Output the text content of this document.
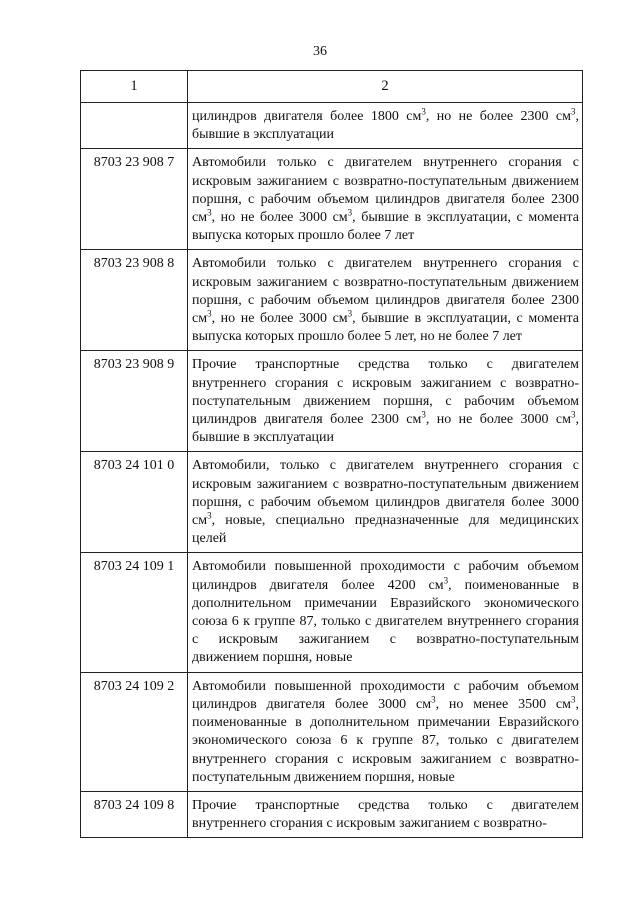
36
1	2
	цилиндров двигателя более 1800 $см^3$, но не более 2300 $см^3$, бывшие в эксплуатации
8703 23 908 7	Автомобили только с двигателем внутреннего сгорания с искровым зажиганием с возвратно-поступательным движением поршня, с рабочим объемом цилиндров двигателя более 2300 $см^3$, но не более 3000 $см^3$, бывшие в эксплуатации, с момента выпуска которых прошло более 7 лет
8703 23 908 8	Автомобили только с двигателем внутреннего сгорания с искровым зажиганием с возвратно-поступательным движением поршня, с рабочим объемом цилиндров двигателя более 2300 $см^3$, но не более 3000 $см^3$, бывшие в эксплуатации, с момента выпуска которых прошло более 5 лет, но не более 7 лет
8703 23 908 9	Прочие транспортные средства только с двигателем внутреннего сгорания с искровым зажиганием с возвратно-поступательным движением поршня, с рабочим объемом цилиндров двигателя более 2300 $см^3$, но не более 3000 $см^3$, бывшие в эксплуатации
8703 24 101 0	Автомобили, только с двигателем внутреннего сгорания с искровым зажиганием с возвратно-поступательным движением поршня, с рабочим объемом цилиндров двигателя более 3000 $см^3$, новые, специально предназначенные для медицинских целей
8703 24 109 1	Автомобили повышенной проходимости с рабочим объемом цилиндров двигателя более 4200 $см^3$, поименованные в дополнительном примечании Евразийского экономического союза 6 к группе 87, только с двигателем внутреннего сгорания с искровым зажиганием с возвратно-поступательным движением поршня, новые
8703 24 109 2	Автомобили повышенной проходимости с рабочим объемом цилиндров двигателя более 3000 $см^3$, но менее 3500 $см^3$, поименованные в дополнительном примечании Евразийского экономического союза 6 к группе 87, только с двигателем внутреннего сгорания с искровым зажиганием с возвратно-поступательным движением поршня, новые
8703 24 109 8	Прочие транспортные средства только с двигателем внутреннего сгорания с искровым зажиганием с возвратно-
